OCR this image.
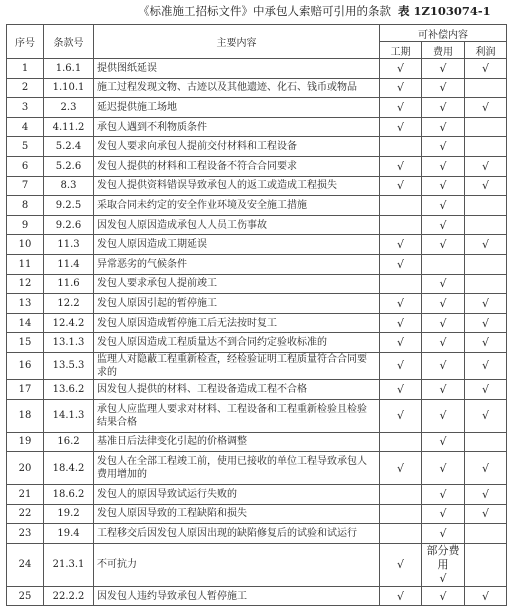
《标准施工招标文件》中承包人索赔可引用的条款 表 1Z103074-1
序号	条款号	主要内容	可补偿内容		
			工期	费用	利润
1	1.6.1	提供图纸延误	√	√	√
2	1.10.1	施工过程发现文物、古迹以及其他遗迹、化石、钱币或物品	√	√	
3	2.3	延迟提供施工场地	√	√	√
4	4.11.2	承包人遇到不利物质条件	√	√	
5	5.2.4	发包人要求向承包人提前交付材料和工程设备		√	
6	5.2.6	发包人提供的材料和工程设备不符合合同要求	√	√	√
7	8.3	发包人提供资料错误导致承包人的返工或造成工程损失	√	√	√
8	9.2.5	采取合同未约定的安全作业环境及安全施工措施		√	
9	9.2.6	因发包人原因造成承包人人员工伤事故		√	
10	11.3	发包人原因造成工期延误	√	√	√
11	11.4	异常恶劣的气候条件	√		
12	11.6	发包人要求承包人提前竣工		√	
13	12.2	发包人原因引起的暂停施工	√	√	√
14	12.4.2	发包人原因造成暂停施工后无法按时复工	√	√	√
15	13.1.3	发包人原因造成工程质量达不到合同约定验收标准的	√	√	√
16	13.5.3	监理人对隐蔽工程重新检查，经检验证明工程质量符合合同要求的	√	√	√
17	13.6.2	因发包人提供的材料、工程设备造成工程不合格	√	√	√
18	14.1.3	承包人应监理人要求对材料、工程设备和工程重新检验且检验结果合格	√	√	√
19	16.2	基准日后法律变化引起的价格调整		√	
20	18.4.2	发包人在全部工程竣工前，使用已接收的单位工程导致承包人费用增加的	√	√	√
21	18.6.2	发包人的原因导致试运行失败的		√	√
22	19.2	发包人原因导致的工程缺陷和损失		√	√
23	19.4	工程移交后因发包人原因出现的缺陷修复后的试验和试运行		√	
24	21.3.1	不可抗力	√	部分费用
√	

25	22.2.2	因发包人违约导致承包人暂停施工	√	√	√
